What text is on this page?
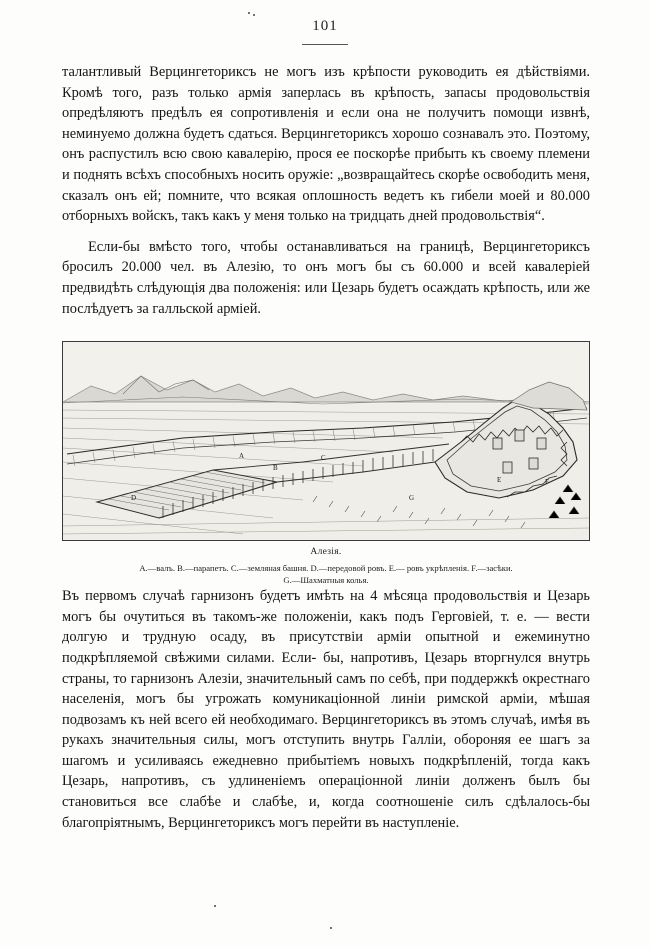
101

талантливый Верцингеториксъ не могъ изъ крѣпости руководить ея дѣйствіями. Кромѣ того, разъ только армія заперлась въ крѣпость, запасы продовольствія опредѣляютъ предѣлъ ея сопротивленія и если она не получитъ помощи извнѣ, неминуемо должна будетъ сдаться. Верцингеториксъ хорошо сознавалъ это. Поэтому, онъ распустилъ всю свою кавалерію, прося ее поскорѣе прибыть къ своему племени и поднять всѣхъ способныхъ носить оружіе: „возвращайтесь скорѣе освободить меня, сказалъ онъ ей; помните, что всякая оплошность ведетъ къ гибели моей и 80.000 отборныхъ войскъ, такъ какъ у меня только на тридцать дней продовольствія“.

Если-бы вмѣсто того, чтобы останавливаться на границѣ, Верцингеториксъ бросилъ 20.000 чел. въ Алезію, то онъ могъ бы съ 60.000 и всей кавалеріей предвидѣть слѣдующія два положенія: или Цезарь будетъ осаждать крѣпость, или же послѣдуетъ за галльской арміей.

A
B
C
D
E	F
G
Алезія.
A.—валъ. B.—парапетъ. C.—земляная башня. D.—передовой ровъ. E.— ровъ укрѣпленія. F.—засѣки.
G.—Шахматныя колья.

Въ первомъ случаѣ гарнизонъ будетъ имѣть на 4 мѣсяца продовольствія и Цезарь могъ бы очутиться въ такомъ-же положеніи, какъ подъ Герговіей, т. е. — вести долгую и трудную осаду, въ присутствіи арміи опытной и ежеминутно подкрѣпляемой свѣжими силами. Если- бы, напротивъ, Цезарь вторгнулся внутрь страны, то гарнизонъ Алезіи, значительный самъ по себѣ, при поддержкѣ окрестнаго населенія, могъ бы угрожать комуникаціонной линіи римской арміи, мѣшая подвозамъ къ ней всего ей необходимаго. Верцингеториксъ въ этомъ случаѣ, имѣя въ рукахъ значительныя силы, могъ отступить внутрь Галліи, обороняя ее шагъ за шагомъ и усиливаясь ежедневно прибытіемъ новыхъ подкрѣпленій, тогда какъ Цезарь, напротивъ, съ удлиненіемъ операціонной линіи долженъ былъ бы становиться все слабѣе и слабѣе, и, когда соотношеніе силъ сдѣлалось-бы благопріятнымъ, Верцингеториксъ могъ перейти въ наступленіе.
